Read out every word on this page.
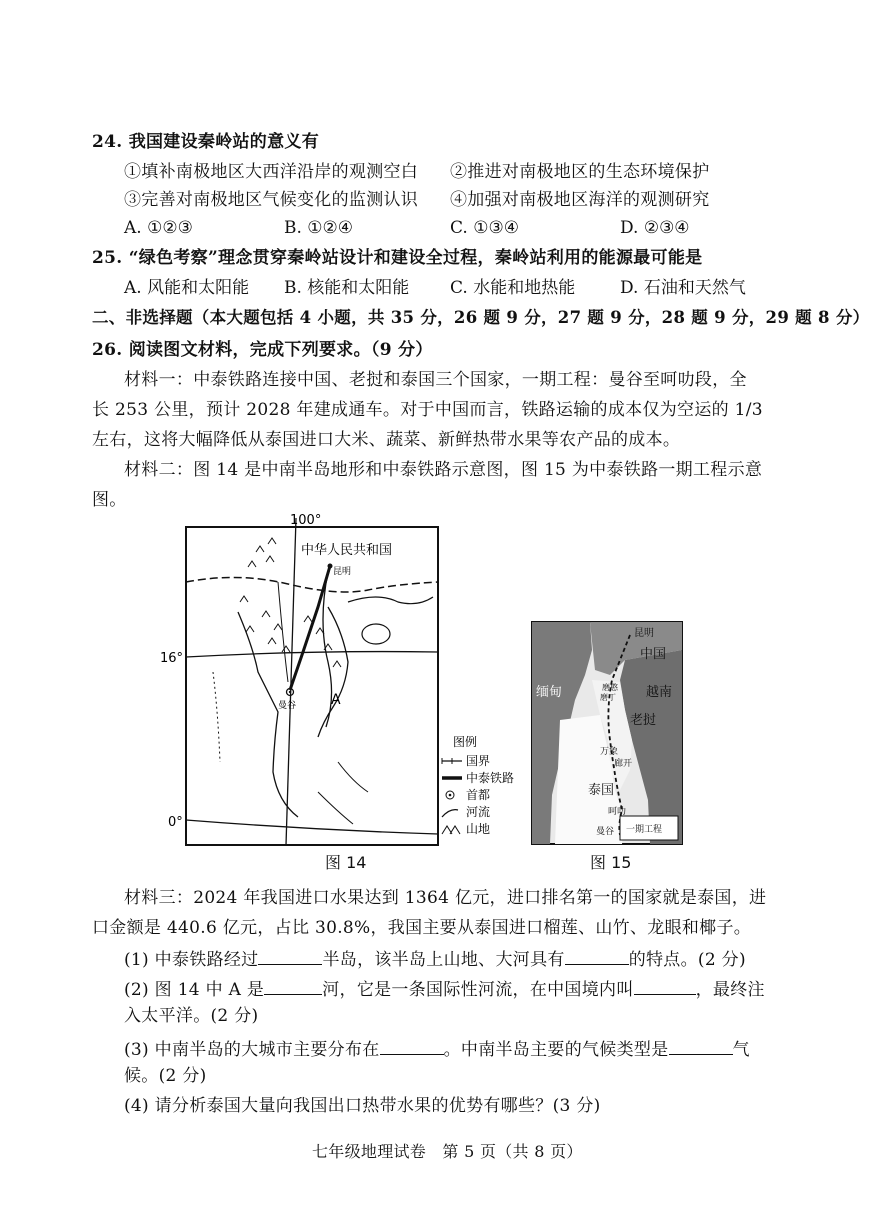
24. 我国建设秦岭站的意义有
①填补南极地区大西洋沿岸的观测空白 ②推进对南极地区的生态环境保护
③完善对南极地区气候变化的监测认识 ④加强对南极地区海洋的观测研究
A. ①②③	B. ①②④	C. ①③④	D. ②③④
25. “绿色考察”理念贯穿秦岭站设计和建设全过程，秦岭站利用的能源最可能是
A. 风能和太阳能 B. 核能和太阳能 C. 水能和地热能	D. 石油和天然气
二、非选择题（本大题包括 4 小题，共 35 分，26 题 9 分，27 题 9 分，28 题 9 分，29 题 8 分）
26. 阅读图文材料，完成下列要求。（9 分）
材料一：中泰铁路连接中国、老挝和泰国三个国家，一期工程：曼谷至呵叻段，全
长 253 公里，预计 2028 年建成通车。对于中国而言，铁路运输的成本仅为空运的 1/3
左右，这将大幅降低从泰国进口大米、蔬菜、新鲜热带水果等农产品的成本。
材料二：图 14 是中南半岛地形和中泰铁路示意图，图 15 为中泰铁路一期工程示意
图。
中华人民共和国
昆明
曼谷 A
100°
16°
0°
图例
国界
中泰铁路
首都
河流
山地
图 14
昆明
中国
缅甸	越南
老挝
泰国
磨憨
磨丁
万象
廊开
呵叻
曼谷 一期工程
图 15
材料三：2024 年我国进口水果达到 1364 亿元，进口排名第一的国家就是泰国，进
口金额是 440.6 亿元，占比 30.8%，我国主要从泰国进口榴莲、山竹、龙眼和椰子。
(1) 中泰铁路经过	半岛，该半岛上山地、大河具有	的特点。(2 分)
(2) 图 14 中 A 是	河，它是一条国际性河流，在中国境内叫	，最终注
入太平洋。(2 分)
(3) 中南半岛的大城市主要分布在	。中南半岛主要的气候类型是	气
候。(2 分)
(4) 请分析泰国大量向我国出口热带水果的优势有哪些？(3 分)
七年级地理试卷　第 5 页（共 8 页）
